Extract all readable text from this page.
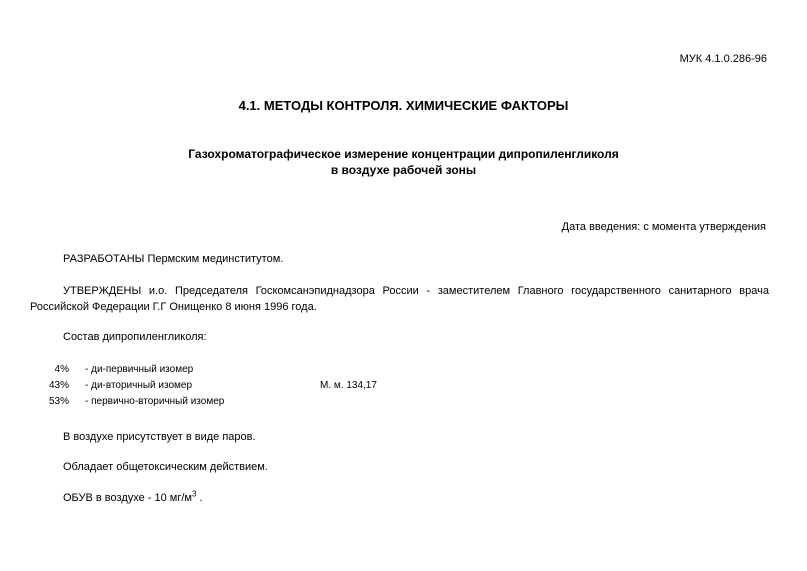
МУК 4.1.0.286-96
4.1. МЕТОДЫ КОНТРОЛЯ. ХИМИЧЕСКИЕ ФАКТОРЫ
Газохроматографическое измерение концентрации дипропиленгликоля
в воздухе рабочей зоны
Дата введения: с момента утверждения
РАЗРАБОТАНЫ Пермским мединститутом.
УТВЕРЖДЕНЫ и.о. Председателя Госкомсанэпиднадзора России - заместителем Главного государственного санитарного врача Российской Федерации Г.Г Онищенко 8 июня 1996 года.
Состав дипропиленгликоля:
4% - ди-первичный изомер
43% - ди-вторичный изомер	М. м. 134,17
53% - первично-вторичный изомер
В воздухе присутствует в виде паров.
Обладает общетоксическим действием.
ОБУВ в воздухе - 10 $мг/м^3$ .
